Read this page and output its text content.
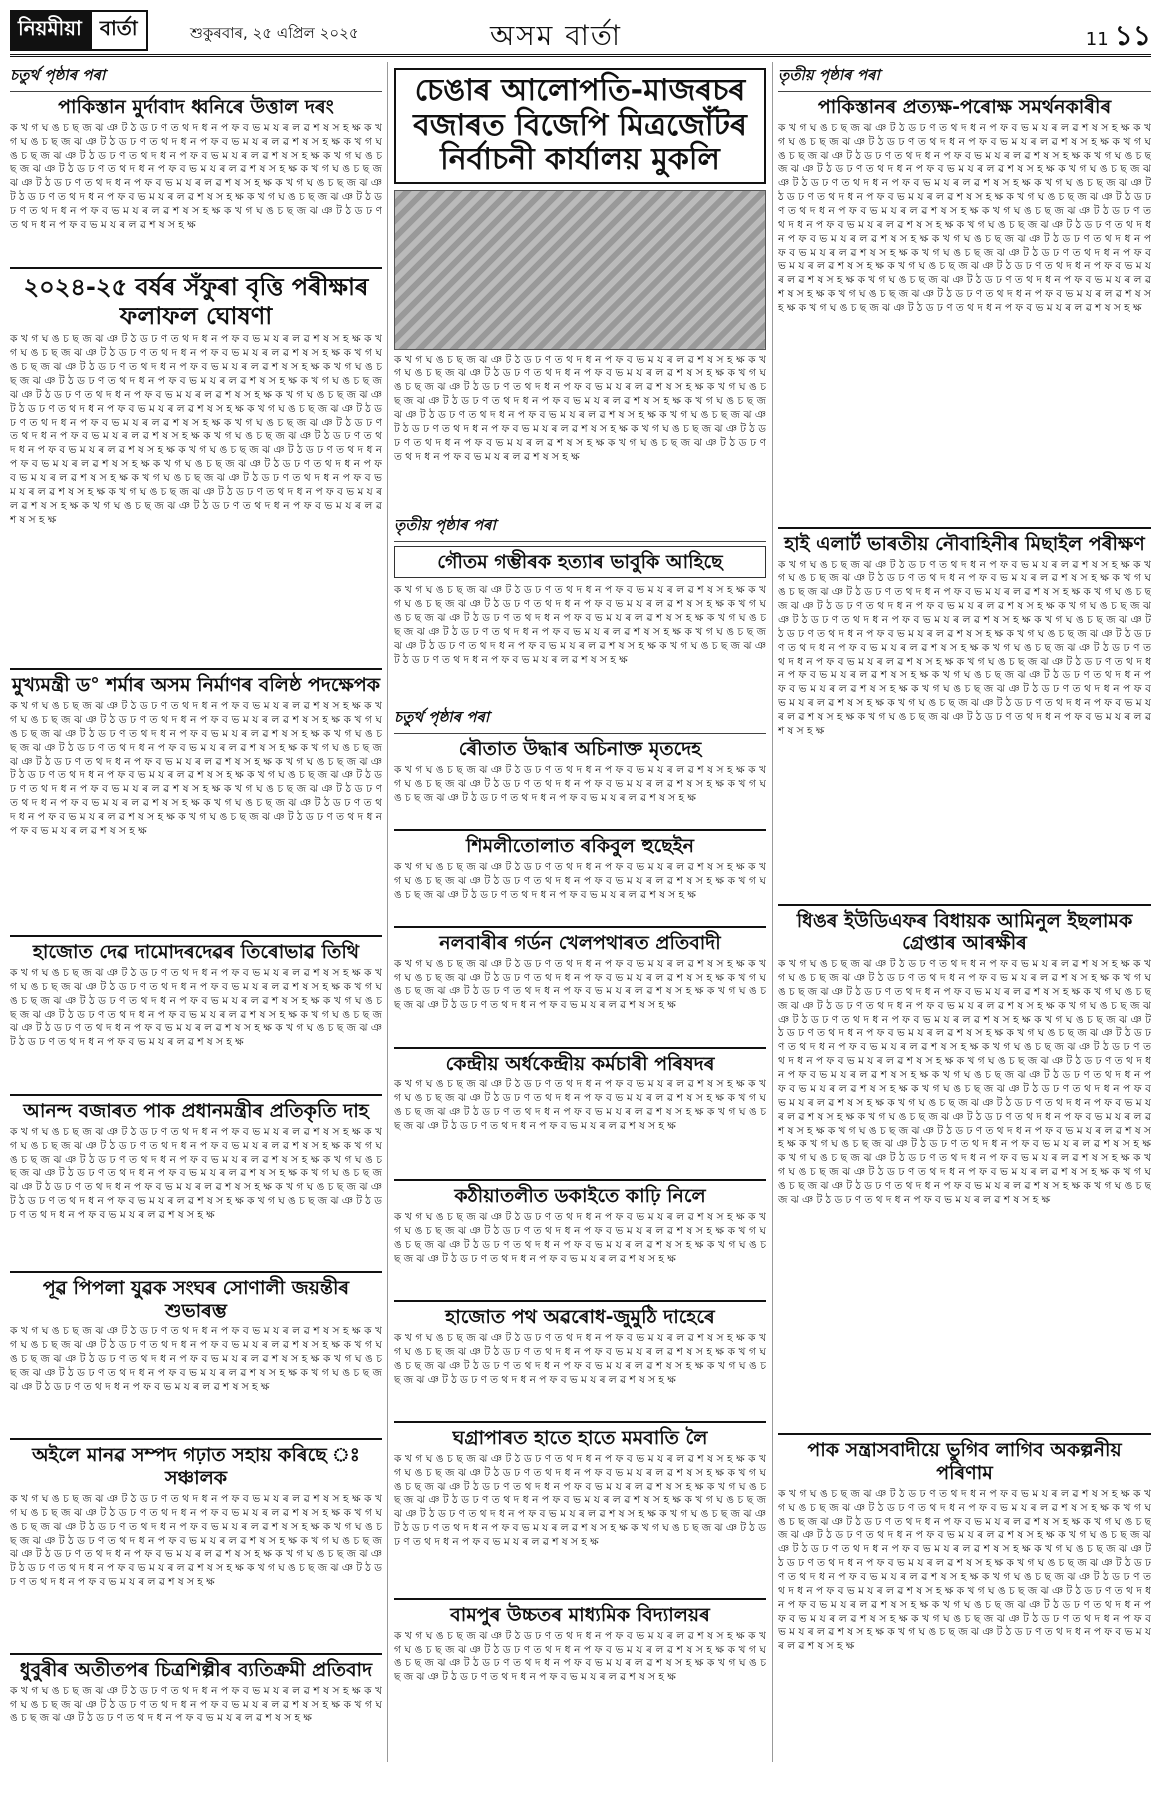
নিয়মীয়া বাৰ্তা	শুকুৰবাৰ, ২৫ এপ্ৰিল ২০২৫	অসম বাৰ্তা	11 ১১
চতুৰ্থ পৃষ্ঠাৰ পৰা
পাকিস্তান মুৰ্দাবাদ ধ্বনিৰে উত্তাল দৰং
ক খ গ ঘ ঙ চ ছ জ ঝ ঞ ট ঠ ড ঢ ণ ত থ দ ধ ন প ফ ব ভ ম য ৰ ল ৱ শ ষ স হ ক্ষ ক খ গ ঘ ঙ চ ছ জ ঝ ঞ ট ঠ ড ঢ ণ ত থ দ ধ ন প ফ ব ভ ম য ৰ ল ৱ শ ষ স হ ক্ষ ক খ গ ঘ ঙ চ ছ জ ঝ ঞ ট ঠ ড ঢ ণ ত থ দ ধ ন প ফ ব ভ ম য ৰ ল ৱ শ ষ স হ ক্ষ ক খ গ ঘ ঙ চ ছ জ ঝ ঞ ট ঠ ড ঢ ণ ত থ দ ধ ন প ফ ব ভ ম য ৰ ল ৱ শ ষ স হ ক্ষ ক খ গ ঘ ঙ চ ছ জ ঝ ঞ ট ঠ ড ঢ ণ ত থ দ ধ ন প ফ ব ভ ম য ৰ ল ৱ শ ষ স হ ক্ষ ক খ গ ঘ ঙ চ ছ জ ঝ ঞ ট ঠ ড ঢ ণ ত থ দ ধ ন প ফ ব ভ ম য ৰ ল ৱ শ ষ স হ ক্ষ ক খ গ ঘ ঙ চ ছ জ ঝ ঞ ট ঠ ড ঢ ণ ত থ দ ধ ন প ফ ব ভ ম য ৰ ল ৱ শ ষ স হ ক্ষ ক খ গ ঘ ঙ চ ছ জ ঝ ঞ ট ঠ ড ঢ ণ ত থ দ ধ ন প ফ ব ভ ম য ৰ ল ৱ শ ষ স হ ক্ষ
২০২৪-২৫ বৰ্ষৰ সঁফুৰা বৃত্তি পৰীক্ষাৰ ফলাফল ঘোষণা
ক খ গ ঘ ঙ চ ছ জ ঝ ঞ ট ঠ ড ঢ ণ ত থ দ ধ ন প ফ ব ভ ম য ৰ ল ৱ শ ষ স হ ক্ষ ক খ গ ঘ ঙ চ ছ জ ঝ ঞ ট ঠ ড ঢ ণ ত থ দ ধ ন প ফ ব ভ ম য ৰ ল ৱ শ ষ স হ ক্ষ ক খ গ ঘ ঙ চ ছ জ ঝ ঞ ট ঠ ড ঢ ণ ত থ দ ধ ন প ফ ব ভ ম য ৰ ল ৱ শ ষ স হ ক্ষ ক খ গ ঘ ঙ চ ছ জ ঝ ঞ ট ঠ ড ঢ ণ ত থ দ ধ ন প ফ ব ভ ম য ৰ ল ৱ শ ষ স হ ক্ষ ক খ গ ঘ ঙ চ ছ জ ঝ ঞ ট ঠ ড ঢ ণ ত থ দ ধ ন প ফ ব ভ ম য ৰ ল ৱ শ ষ স হ ক্ষ ক খ গ ঘ ঙ চ ছ জ ঝ ঞ ট ঠ ড ঢ ণ ত থ দ ধ ন প ফ ব ভ ম য ৰ ল ৱ শ ষ স হ ক্ষ ক খ গ ঘ ঙ চ ছ জ ঝ ঞ ট ঠ ড ঢ ণ ত থ দ ধ ন প ফ ব ভ ম য ৰ ল ৱ শ ষ স হ ক্ষ ক খ গ ঘ ঙ চ ছ জ ঝ ঞ ট ঠ ড ঢ ণ ত থ দ ধ ন প ফ ব ভ ম য ৰ ল ৱ শ ষ স হ ক্ষ ক খ গ ঘ ঙ চ ছ জ ঝ ঞ ট ঠ ড ঢ ণ ত থ দ ধ ন প ফ ব ভ ম য ৰ ল ৱ শ ষ স হ ক্ষ ক খ গ ঘ ঙ চ ছ জ ঝ ঞ ট ঠ ড ঢ ণ ত থ দ ধ ন প ফ ব ভ ম য ৰ ল ৱ শ ষ স হ ক্ষ ক খ গ ঘ ঙ চ ছ জ ঝ ঞ ট ঠ ড ঢ ণ ত থ দ ধ ন প ফ ব ভ ম য ৰ ল ৱ শ ষ স হ ক্ষ ক খ গ ঘ ঙ চ ছ জ ঝ ঞ ট ঠ ড ঢ ণ ত থ দ ধ ন প ফ ব ভ ম য ৰ ল ৱ শ ষ স হ ক্ষ ক খ গ ঘ ঙ চ ছ জ ঝ ঞ ট ঠ ড ঢ ণ ত থ দ ধ ন প ফ ব ভ ম য ৰ ল ৱ শ ষ স হ ক্ষ ক খ গ ঘ ঙ চ ছ জ ঝ ঞ ট ঠ ড ঢ ণ ত থ দ ধ ন প ফ ব ভ ম য ৰ ল ৱ শ ষ স হ ক্ষ
মুখ্যমন্ত্ৰী ড° শৰ্মাৰ অসম নিৰ্মাণৰ বলিষ্ঠ পদক্ষেপক
ক খ গ ঘ ঙ চ ছ জ ঝ ঞ ট ঠ ড ঢ ণ ত থ দ ধ ন প ফ ব ভ ম য ৰ ল ৱ শ ষ স হ ক্ষ ক খ গ ঘ ঙ চ ছ জ ঝ ঞ ট ঠ ড ঢ ণ ত থ দ ধ ন প ফ ব ভ ম য ৰ ল ৱ শ ষ স হ ক্ষ ক খ গ ঘ ঙ চ ছ জ ঝ ঞ ট ঠ ড ঢ ণ ত থ দ ধ ন প ফ ব ভ ম য ৰ ল ৱ শ ষ স হ ক্ষ ক খ গ ঘ ঙ চ ছ জ ঝ ঞ ট ঠ ড ঢ ণ ত থ দ ধ ন প ফ ব ভ ম য ৰ ল ৱ শ ষ স হ ক্ষ ক খ গ ঘ ঙ চ ছ জ ঝ ঞ ট ঠ ড ঢ ণ ত থ দ ধ ন প ফ ব ভ ম য ৰ ল ৱ শ ষ স হ ক্ষ ক খ গ ঘ ঙ চ ছ জ ঝ ঞ ট ঠ ড ঢ ণ ত থ দ ধ ন প ফ ব ভ ম য ৰ ল ৱ শ ষ স হ ক্ষ ক খ গ ঘ ঙ চ ছ জ ঝ ঞ ট ঠ ড ঢ ণ ত থ দ ধ ন প ফ ব ভ ম য ৰ ল ৱ শ ষ স হ ক্ষ ক খ গ ঘ ঙ চ ছ জ ঝ ঞ ট ঠ ড ঢ ণ ত থ দ ধ ন প ফ ব ভ ম য ৰ ল ৱ শ ষ স হ ক্ষ ক খ গ ঘ ঙ চ ছ জ ঝ ঞ ট ঠ ড ঢ ণ ত থ দ ধ ন প ফ ব ভ ম য ৰ ল ৱ শ ষ স হ ক্ষ ক খ গ ঘ ঙ চ ছ জ ঝ ঞ ট ঠ ড ঢ ণ ত থ দ ধ ন প ফ ব ভ ম য ৰ ল ৱ শ ষ স হ ক্ষ
হাজোত দেৱ দামোদৰদেৱৰ তিৰোভাৱ তিথি
ক খ গ ঘ ঙ চ ছ জ ঝ ঞ ট ঠ ড ঢ ণ ত থ দ ধ ন প ফ ব ভ ম য ৰ ল ৱ শ ষ স হ ক্ষ ক খ গ ঘ ঙ চ ছ জ ঝ ঞ ট ঠ ড ঢ ণ ত থ দ ধ ন প ফ ব ভ ম য ৰ ল ৱ শ ষ স হ ক্ষ ক খ গ ঘ ঙ চ ছ জ ঝ ঞ ট ঠ ড ঢ ণ ত থ দ ধ ন প ফ ব ভ ম য ৰ ল ৱ শ ষ স হ ক্ষ ক খ গ ঘ ঙ চ ছ জ ঝ ঞ ট ঠ ড ঢ ণ ত থ দ ধ ন প ফ ব ভ ম য ৰ ল ৱ শ ষ স হ ক্ষ ক খ গ ঘ ঙ চ ছ জ ঝ ঞ ট ঠ ড ঢ ণ ত থ দ ধ ন প ফ ব ভ ম য ৰ ল ৱ শ ষ স হ ক্ষ ক খ গ ঘ ঙ চ ছ জ ঝ ঞ ট ঠ ড ঢ ণ ত থ দ ধ ন প ফ ব ভ ম য ৰ ল ৱ শ ষ স হ ক্ষ
আনন্দ বজাৰত পাক প্ৰধানমন্ত্ৰীৰ প্ৰতিকৃতি দাহ
ক খ গ ঘ ঙ চ ছ জ ঝ ঞ ট ঠ ড ঢ ণ ত থ দ ধ ন প ফ ব ভ ম য ৰ ল ৱ শ ষ স হ ক্ষ ক খ গ ঘ ঙ চ ছ জ ঝ ঞ ট ঠ ড ঢ ণ ত থ দ ধ ন প ফ ব ভ ম য ৰ ল ৱ শ ষ স হ ক্ষ ক খ গ ঘ ঙ চ ছ জ ঝ ঞ ট ঠ ড ঢ ণ ত থ দ ধ ন প ফ ব ভ ম য ৰ ল ৱ শ ষ স হ ক্ষ ক খ গ ঘ ঙ চ ছ জ ঝ ঞ ট ঠ ড ঢ ণ ত থ দ ধ ন প ফ ব ভ ম য ৰ ল ৱ শ ষ স হ ক্ষ ক খ গ ঘ ঙ চ ছ জ ঝ ঞ ট ঠ ড ঢ ণ ত থ দ ধ ন প ফ ব ভ ম য ৰ ল ৱ শ ষ স হ ক্ষ ক খ গ ঘ ঙ চ ছ জ ঝ ঞ ট ঠ ড ঢ ণ ত থ দ ধ ন প ফ ব ভ ম য ৰ ল ৱ শ ষ স হ ক্ষ ক খ গ ঘ ঙ চ ছ জ ঝ ঞ ট ঠ ড ঢ ণ ত থ দ ধ ন প ফ ব ভ ম য ৰ ল ৱ শ ষ স হ ক্ষ
পূৱ পিপলা যুৱক সংঘৰ সোণালী জয়ন্তীৰ শুভাৰম্ভ
ক খ গ ঘ ঙ চ ছ জ ঝ ঞ ট ঠ ড ঢ ণ ত থ দ ধ ন প ফ ব ভ ম য ৰ ল ৱ শ ষ স হ ক্ষ ক খ গ ঘ ঙ চ ছ জ ঝ ঞ ট ঠ ড ঢ ণ ত থ দ ধ ন প ফ ব ভ ম য ৰ ল ৱ শ ষ স হ ক্ষ ক খ গ ঘ ঙ চ ছ জ ঝ ঞ ট ঠ ড ঢ ণ ত থ দ ধ ন প ফ ব ভ ম য ৰ ল ৱ শ ষ স হ ক্ষ ক খ গ ঘ ঙ চ ছ জ ঝ ঞ ট ঠ ড ঢ ণ ত থ দ ধ ন প ফ ব ভ ম য ৰ ল ৱ শ ষ স হ ক্ষ ক খ গ ঘ ঙ চ ছ জ ঝ ঞ ট ঠ ড ঢ ণ ত থ দ ধ ন প ফ ব ভ ম য ৰ ল ৱ শ ষ স হ ক্ষ
অইলে মানৱ সম্পদ গঢ়াত সহায় কৰিছে ঃ সঞ্চালক
ক খ গ ঘ ঙ চ ছ জ ঝ ঞ ট ঠ ড ঢ ণ ত থ দ ধ ন প ফ ব ভ ম য ৰ ল ৱ শ ষ স হ ক্ষ ক খ গ ঘ ঙ চ ছ জ ঝ ঞ ট ঠ ড ঢ ণ ত থ দ ধ ন প ফ ব ভ ম য ৰ ল ৱ শ ষ স হ ক্ষ ক খ গ ঘ ঙ চ ছ জ ঝ ঞ ট ঠ ড ঢ ণ ত থ দ ধ ন প ফ ব ভ ম য ৰ ল ৱ শ ষ স হ ক্ষ ক খ গ ঘ ঙ চ ছ জ ঝ ঞ ট ঠ ড ঢ ণ ত থ দ ধ ন প ফ ব ভ ম য ৰ ল ৱ শ ষ স হ ক্ষ ক খ গ ঘ ঙ চ ছ জ ঝ ঞ ট ঠ ড ঢ ণ ত থ দ ধ ন প ফ ব ভ ম য ৰ ল ৱ শ ষ স হ ক্ষ ক খ গ ঘ ঙ চ ছ জ ঝ ঞ ট ঠ ড ঢ ণ ত থ দ ধ ন প ফ ব ভ ম য ৰ ল ৱ শ ষ স হ ক্ষ ক খ গ ঘ ঙ চ ছ জ ঝ ঞ ট ঠ ড ঢ ণ ত থ দ ধ ন প ফ ব ভ ম য ৰ ল ৱ শ ষ স হ ক্ষ
ধুবুৰীৰ অতীতপৰ চিত্ৰশিল্পীৰ ব্যতিক্ৰমী প্ৰতিবাদ
ক খ গ ঘ ঙ চ ছ জ ঝ ঞ ট ঠ ড ঢ ণ ত থ দ ধ ন প ফ ব ভ ম য ৰ ল ৱ শ ষ স হ ক্ষ ক খ গ ঘ ঙ চ ছ জ ঝ ঞ ট ঠ ড ঢ ণ ত থ দ ধ ন প ফ ব ভ ম য ৰ ল ৱ শ ষ স হ ক্ষ ক খ গ ঘ ঙ চ ছ জ ঝ ঞ ট ঠ ড ঢ ণ ত থ দ ধ ন প ফ ব ভ ম য ৰ ল ৱ শ ষ স হ ক্ষ
চেঙাৰ আলোপতি-মাজৰচৰ বজাৰত বিজেপি মিত্ৰজোঁটৰ নিৰ্বাচনী কাৰ্যালয় মুকলি
ক খ গ ঘ ঙ চ ছ জ ঝ ঞ ট ঠ ড ঢ ণ ত থ দ ধ ন প ফ ব ভ ম য ৰ ল ৱ শ ষ স হ ক্ষ ক খ গ ঘ ঙ চ ছ জ ঝ ঞ ট ঠ ড ঢ ণ ত থ দ ধ ন প ফ ব ভ ম য ৰ ল ৱ শ ষ স হ ক্ষ ক খ গ ঘ ঙ চ ছ জ ঝ ঞ ট ঠ ড ঢ ণ ত থ দ ধ ন প ফ ব ভ ম য ৰ ল ৱ শ ষ স হ ক্ষ ক খ গ ঘ ঙ চ ছ জ ঝ ঞ ট ঠ ড ঢ ণ ত থ দ ধ ন প ফ ব ভ ম য ৰ ল ৱ শ ষ স হ ক্ষ ক খ গ ঘ ঙ চ ছ জ ঝ ঞ ট ঠ ড ঢ ণ ত থ দ ধ ন প ফ ব ভ ম য ৰ ল ৱ শ ষ স হ ক্ষ ক খ গ ঘ ঙ চ ছ জ ঝ ঞ ট ঠ ড ঢ ণ ত থ দ ধ ন প ফ ব ভ ম য ৰ ল ৱ শ ষ স হ ক্ষ ক খ গ ঘ ঙ চ ছ জ ঝ ঞ ট ঠ ড ঢ ণ ত থ দ ধ ন প ফ ব ভ ম য ৰ ল ৱ শ ষ স হ ক্ষ ক খ গ ঘ ঙ চ ছ জ ঝ ঞ ট ঠ ড ঢ ণ ত থ দ ধ ন প ফ ব ভ ম য ৰ ল ৱ শ ষ স হ ক্ষ
তৃতীয় পৃষ্ঠাৰ পৰা
গৌতম গম্ভীৰক হত্যাৰ ভাবুকি আহিছে
ক খ গ ঘ ঙ চ ছ জ ঝ ঞ ট ঠ ড ঢ ণ ত থ দ ধ ন প ফ ব ভ ম য ৰ ল ৱ শ ষ স হ ক্ষ ক খ গ ঘ ঙ চ ছ জ ঝ ঞ ট ঠ ড ঢ ণ ত থ দ ধ ন প ফ ব ভ ম য ৰ ল ৱ শ ষ স হ ক্ষ ক খ গ ঘ ঙ চ ছ জ ঝ ঞ ট ঠ ড ঢ ণ ত থ দ ধ ন প ফ ব ভ ম য ৰ ল ৱ শ ষ স হ ক্ষ ক খ গ ঘ ঙ চ ছ জ ঝ ঞ ট ঠ ড ঢ ণ ত থ দ ধ ন প ফ ব ভ ম য ৰ ল ৱ শ ষ স হ ক্ষ ক খ গ ঘ ঙ চ ছ জ ঝ ঞ ট ঠ ড ঢ ণ ত থ দ ধ ন প ফ ব ভ ম য ৰ ল ৱ শ ষ স হ ক্ষ ক খ গ ঘ ঙ চ ছ জ ঝ ঞ ট ঠ ড ঢ ণ ত থ দ ধ ন প ফ ব ভ ম য ৰ ল ৱ শ ষ স হ ক্ষ
চতুৰ্থ পৃষ্ঠাৰ পৰা
ৰৌতাত উদ্ধাৰ অচিনাক্ত মৃতদেহ
ক খ গ ঘ ঙ চ ছ জ ঝ ঞ ট ঠ ড ঢ ণ ত থ দ ধ ন প ফ ব ভ ম য ৰ ল ৱ শ ষ স হ ক্ষ ক খ গ ঘ ঙ চ ছ জ ঝ ঞ ট ঠ ড ঢ ণ ত থ দ ধ ন প ফ ব ভ ম য ৰ ল ৱ শ ষ স হ ক্ষ ক খ গ ঘ ঙ চ ছ জ ঝ ঞ ট ঠ ড ঢ ণ ত থ দ ধ ন প ফ ব ভ ম য ৰ ল ৱ শ ষ স হ ক্ষ
শিমলীতোলাত ৰকিবুল হুছেইন
ক খ গ ঘ ঙ চ ছ জ ঝ ঞ ট ঠ ড ঢ ণ ত থ দ ধ ন প ফ ব ভ ম য ৰ ল ৱ শ ষ স হ ক্ষ ক খ গ ঘ ঙ চ ছ জ ঝ ঞ ট ঠ ড ঢ ণ ত থ দ ধ ন প ফ ব ভ ম য ৰ ল ৱ শ ষ স হ ক্ষ ক খ গ ঘ ঙ চ ছ জ ঝ ঞ ট ঠ ড ঢ ণ ত থ দ ধ ন প ফ ব ভ ম য ৰ ল ৱ শ ষ স হ ক্ষ
নলবাৰীৰ গৰ্ডন খেলপথাৰত প্ৰতিবাদী
ক খ গ ঘ ঙ চ ছ জ ঝ ঞ ট ঠ ড ঢ ণ ত থ দ ধ ন প ফ ব ভ ম য ৰ ল ৱ শ ষ স হ ক্ষ ক খ গ ঘ ঙ চ ছ জ ঝ ঞ ট ঠ ড ঢ ণ ত থ দ ধ ন প ফ ব ভ ম য ৰ ল ৱ শ ষ স হ ক্ষ ক খ গ ঘ ঙ চ ছ জ ঝ ঞ ট ঠ ড ঢ ণ ত থ দ ধ ন প ফ ব ভ ম য ৰ ল ৱ শ ষ স হ ক্ষ ক খ গ ঘ ঙ চ ছ জ ঝ ঞ ট ঠ ড ঢ ণ ত থ দ ধ ন প ফ ব ভ ম য ৰ ল ৱ শ ষ স হ ক্ষ
কেন্দ্ৰীয় অৰ্ধকেন্দ্ৰীয় কৰ্মচাৰী পৰিষদৰ
ক খ গ ঘ ঙ চ ছ জ ঝ ঞ ট ঠ ড ঢ ণ ত থ দ ধ ন প ফ ব ভ ম য ৰ ল ৱ শ ষ স হ ক্ষ ক খ গ ঘ ঙ চ ছ জ ঝ ঞ ট ঠ ড ঢ ণ ত থ দ ধ ন প ফ ব ভ ম য ৰ ল ৱ শ ষ স হ ক্ষ ক খ গ ঘ ঙ চ ছ জ ঝ ঞ ট ঠ ড ঢ ণ ত থ দ ধ ন প ফ ব ভ ম য ৰ ল ৱ শ ষ স হ ক্ষ ক খ গ ঘ ঙ চ ছ জ ঝ ঞ ট ঠ ড ঢ ণ ত থ দ ধ ন প ফ ব ভ ম য ৰ ল ৱ শ ষ স হ ক্ষ
কঠীয়াতলীত ডকাইতে কাঢ়ি নিলে
ক খ গ ঘ ঙ চ ছ জ ঝ ঞ ট ঠ ড ঢ ণ ত থ দ ধ ন প ফ ব ভ ম য ৰ ল ৱ শ ষ স হ ক্ষ ক খ গ ঘ ঙ চ ছ জ ঝ ঞ ট ঠ ড ঢ ণ ত থ দ ধ ন প ফ ব ভ ম য ৰ ল ৱ শ ষ স হ ক্ষ ক খ গ ঘ ঙ চ ছ জ ঝ ঞ ট ঠ ড ঢ ণ ত থ দ ধ ন প ফ ব ভ ম য ৰ ল ৱ শ ষ স হ ক্ষ ক খ গ ঘ ঙ চ ছ জ ঝ ঞ ট ঠ ড ঢ ণ ত থ দ ধ ন প ফ ব ভ ম য ৰ ল ৱ শ ষ স হ ক্ষ
হাজোত পথ অৱৰোধ-জুমুঠি দাহেৰে
ক খ গ ঘ ঙ চ ছ জ ঝ ঞ ট ঠ ড ঢ ণ ত থ দ ধ ন প ফ ব ভ ম য ৰ ল ৱ শ ষ স হ ক্ষ ক খ গ ঘ ঙ চ ছ জ ঝ ঞ ট ঠ ড ঢ ণ ত থ দ ধ ন প ফ ব ভ ম য ৰ ল ৱ শ ষ স হ ক্ষ ক খ গ ঘ ঙ চ ছ জ ঝ ঞ ট ঠ ড ঢ ণ ত থ দ ধ ন প ফ ব ভ ম য ৰ ল ৱ শ ষ স হ ক্ষ ক খ গ ঘ ঙ চ ছ জ ঝ ঞ ট ঠ ড ঢ ণ ত থ দ ধ ন প ফ ব ভ ম য ৰ ল ৱ শ ষ স হ ক্ষ
ঘগ্ৰাপাৰত হাতে হাতে মমবাতি লৈ
ক খ গ ঘ ঙ চ ছ জ ঝ ঞ ট ঠ ড ঢ ণ ত থ দ ধ ন প ফ ব ভ ম য ৰ ল ৱ শ ষ স হ ক্ষ ক খ গ ঘ ঙ চ ছ জ ঝ ঞ ট ঠ ড ঢ ণ ত থ দ ধ ন প ফ ব ভ ম য ৰ ল ৱ শ ষ স হ ক্ষ ক খ গ ঘ ঙ চ ছ জ ঝ ঞ ট ঠ ড ঢ ণ ত থ দ ধ ন প ফ ব ভ ম য ৰ ল ৱ শ ষ স হ ক্ষ ক খ গ ঘ ঙ চ ছ জ ঝ ঞ ট ঠ ড ঢ ণ ত থ দ ধ ন প ফ ব ভ ম য ৰ ল ৱ শ ষ স হ ক্ষ ক খ গ ঘ ঙ চ ছ জ ঝ ঞ ট ঠ ড ঢ ণ ত থ দ ধ ন প ফ ব ভ ম য ৰ ল ৱ শ ষ স হ ক্ষ ক খ গ ঘ ঙ চ ছ জ ঝ ঞ ট ঠ ড ঢ ণ ত থ দ ধ ন প ফ ব ভ ম য ৰ ল ৱ শ ষ স হ ক্ষ ক খ গ ঘ ঙ চ ছ জ ঝ ঞ ট ঠ ড ঢ ণ ত থ দ ধ ন প ফ ব ভ ম য ৰ ল ৱ শ ষ স হ ক্ষ
বামপুৰ উচ্চতৰ মাধ্যমিক বিদ্যালয়ৰ
ক খ গ ঘ ঙ চ ছ জ ঝ ঞ ট ঠ ড ঢ ণ ত থ দ ধ ন প ফ ব ভ ম য ৰ ল ৱ শ ষ স হ ক্ষ ক খ গ ঘ ঙ চ ছ জ ঝ ঞ ট ঠ ড ঢ ণ ত থ দ ধ ন প ফ ব ভ ম য ৰ ল ৱ শ ষ স হ ক্ষ ক খ গ ঘ ঙ চ ছ জ ঝ ঞ ট ঠ ড ঢ ণ ত থ দ ধ ন প ফ ব ভ ম য ৰ ল ৱ শ ষ স হ ক্ষ ক খ গ ঘ ঙ চ ছ জ ঝ ঞ ট ঠ ড ঢ ণ ত থ দ ধ ন প ফ ব ভ ম য ৰ ল ৱ শ ষ স হ ক্ষ
তৃতীয় পৃষ্ঠাৰ পৰা
পাকিস্তানৰ প্ৰত্যক্ষ-পৰোক্ষ সমৰ্থনকাৰীৰ
ক খ গ ঘ ঙ চ ছ জ ঝ ঞ ট ঠ ড ঢ ণ ত থ দ ধ ন প ফ ব ভ ম য ৰ ল ৱ শ ষ স হ ক্ষ ক খ গ ঘ ঙ চ ছ জ ঝ ঞ ট ঠ ড ঢ ণ ত থ দ ধ ন প ফ ব ভ ম য ৰ ল ৱ শ ষ স হ ক্ষ ক খ গ ঘ ঙ চ ছ জ ঝ ঞ ট ঠ ড ঢ ণ ত থ দ ধ ন প ফ ব ভ ম য ৰ ল ৱ শ ষ স হ ক্ষ ক খ গ ঘ ঙ চ ছ জ ঝ ঞ ট ঠ ড ঢ ণ ত থ দ ধ ন প ফ ব ভ ম য ৰ ল ৱ শ ষ স হ ক্ষ ক খ গ ঘ ঙ চ ছ জ ঝ ঞ ট ঠ ড ঢ ণ ত থ দ ধ ন প ফ ব ভ ম য ৰ ল ৱ শ ষ স হ ক্ষ ক খ গ ঘ ঙ চ ছ জ ঝ ঞ ট ঠ ড ঢ ণ ত থ দ ধ ন প ফ ব ভ ম য ৰ ল ৱ শ ষ স হ ক্ষ ক খ গ ঘ ঙ চ ছ জ ঝ ঞ ট ঠ ড ঢ ণ ত থ দ ধ ন প ফ ব ভ ম য ৰ ল ৱ শ ষ স হ ক্ষ ক খ গ ঘ ঙ চ ছ জ ঝ ঞ ট ঠ ড ঢ ণ ত থ দ ধ ন প ফ ব ভ ম য ৰ ল ৱ শ ষ স হ ক্ষ ক খ গ ঘ ঙ চ ছ জ ঝ ঞ ট ঠ ড ঢ ণ ত থ দ ধ ন প ফ ব ভ ম য ৰ ল ৱ শ ষ স হ ক্ষ ক খ গ ঘ ঙ চ ছ জ ঝ ঞ ট ঠ ড ঢ ণ ত থ দ ধ ন প ফ ব ভ ম য ৰ ল ৱ শ ষ স হ ক্ষ ক খ গ ঘ ঙ চ ছ জ ঝ ঞ ট ঠ ড ঢ ণ ত থ দ ধ ন প ফ ব ভ ম য ৰ ল ৱ শ ষ স হ ক্ষ ক খ গ ঘ ঙ চ ছ জ ঝ ঞ ট ঠ ড ঢ ণ ত থ দ ধ ন প ফ ব ভ ম য ৰ ল ৱ শ ষ স হ ক্ষ ক খ গ ঘ ঙ চ ছ জ ঝ ঞ ট ঠ ড ঢ ণ ত থ দ ধ ন প ফ ব ভ ম য ৰ ল ৱ শ ষ স হ ক্ষ ক খ গ ঘ ঙ চ ছ জ ঝ ঞ ট ঠ ড ঢ ণ ত থ দ ধ ন প ফ ব ভ ম য ৰ ল ৱ শ ষ স হ ক্ষ ক খ গ ঘ ঙ চ ছ জ ঝ ঞ ট ঠ ড ঢ ণ ত থ দ ধ ন প ফ ব ভ ম য ৰ ল ৱ শ ষ স হ ক্ষ
হাই এলাৰ্ট ভাৰতীয় নৌবাহিনীৰ মিছাইল পৰীক্ষণ
ক খ গ ঘ ঙ চ ছ জ ঝ ঞ ট ঠ ড ঢ ণ ত থ দ ধ ন প ফ ব ভ ম য ৰ ল ৱ শ ষ স হ ক্ষ ক খ গ ঘ ঙ চ ছ জ ঝ ঞ ট ঠ ড ঢ ণ ত থ দ ধ ন প ফ ব ভ ম য ৰ ল ৱ শ ষ স হ ক্ষ ক খ গ ঘ ঙ চ ছ জ ঝ ঞ ট ঠ ড ঢ ণ ত থ দ ধ ন প ফ ব ভ ম য ৰ ল ৱ শ ষ স হ ক্ষ ক খ গ ঘ ঙ চ ছ জ ঝ ঞ ট ঠ ড ঢ ণ ত থ দ ধ ন প ফ ব ভ ম য ৰ ল ৱ শ ষ স হ ক্ষ ক খ গ ঘ ঙ চ ছ জ ঝ ঞ ট ঠ ড ঢ ণ ত থ দ ধ ন প ফ ব ভ ম য ৰ ল ৱ শ ষ স হ ক্ষ ক খ গ ঘ ঙ চ ছ জ ঝ ঞ ট ঠ ড ঢ ণ ত থ দ ধ ন প ফ ব ভ ম য ৰ ল ৱ শ ষ স হ ক্ষ ক খ গ ঘ ঙ চ ছ জ ঝ ঞ ট ঠ ড ঢ ণ ত থ দ ধ ন প ফ ব ভ ম য ৰ ল ৱ শ ষ স হ ক্ষ ক খ গ ঘ ঙ চ ছ জ ঝ ঞ ট ঠ ড ঢ ণ ত থ দ ধ ন প ফ ব ভ ম য ৰ ল ৱ শ ষ স হ ক্ষ ক খ গ ঘ ঙ চ ছ জ ঝ ঞ ট ঠ ড ঢ ণ ত থ দ ধ ন প ফ ব ভ ম য ৰ ল ৱ শ ষ স হ ক্ষ ক খ গ ঘ ঙ চ ছ জ ঝ ঞ ট ঠ ড ঢ ণ ত থ দ ধ ন প ফ ব ভ ম য ৰ ল ৱ শ ষ স হ ক্ষ ক খ গ ঘ ঙ চ ছ জ ঝ ঞ ট ঠ ড ঢ ণ ত থ দ ধ ন প ফ ব ভ ম য ৰ ল ৱ শ ষ স হ ক্ষ ক খ গ ঘ ঙ চ ছ জ ঝ ঞ ট ঠ ড ঢ ণ ত থ দ ধ ন প ফ ব ভ ম য ৰ ল ৱ শ ষ স হ ক্ষ ক খ গ ঘ ঙ চ ছ জ ঝ ঞ ট ঠ ড ঢ ণ ত থ দ ধ ন প ফ ব ভ ম য ৰ ল ৱ শ ষ স হ ক্ষ
ধিঙৰ ইউডিএফৰ বিধায়ক আমিনুল ইছলামক গ্ৰেপ্তাৰ আৰক্ষীৰ
ক খ গ ঘ ঙ চ ছ জ ঝ ঞ ট ঠ ড ঢ ণ ত থ দ ধ ন প ফ ব ভ ম য ৰ ল ৱ শ ষ স হ ক্ষ ক খ গ ঘ ঙ চ ছ জ ঝ ঞ ট ঠ ড ঢ ণ ত থ দ ধ ন প ফ ব ভ ম য ৰ ল ৱ শ ষ স হ ক্ষ ক খ গ ঘ ঙ চ ছ জ ঝ ঞ ট ঠ ড ঢ ণ ত থ দ ধ ন প ফ ব ভ ম য ৰ ল ৱ শ ষ স হ ক্ষ ক খ গ ঘ ঙ চ ছ জ ঝ ঞ ট ঠ ড ঢ ণ ত থ দ ধ ন প ফ ব ভ ম য ৰ ল ৱ শ ষ স হ ক্ষ ক খ গ ঘ ঙ চ ছ জ ঝ ঞ ট ঠ ড ঢ ণ ত থ দ ধ ন প ফ ব ভ ম য ৰ ল ৱ শ ষ স হ ক্ষ ক খ গ ঘ ঙ চ ছ জ ঝ ঞ ট ঠ ড ঢ ণ ত থ দ ধ ন প ফ ব ভ ম য ৰ ল ৱ শ ষ স হ ক্ষ ক খ গ ঘ ঙ চ ছ জ ঝ ঞ ট ঠ ড ঢ ণ ত থ দ ধ ন প ফ ব ভ ম য ৰ ল ৱ শ ষ স হ ক্ষ ক খ গ ঘ ঙ চ ছ জ ঝ ঞ ট ঠ ড ঢ ণ ত থ দ ধ ন প ফ ব ভ ম য ৰ ল ৱ শ ষ স হ ক্ষ ক খ গ ঘ ঙ চ ছ জ ঝ ঞ ট ঠ ড ঢ ণ ত থ দ ধ ন প ফ ব ভ ম য ৰ ল ৱ শ ষ স হ ক্ষ ক খ গ ঘ ঙ চ ছ জ ঝ ঞ ট ঠ ড ঢ ণ ত থ দ ধ ন প ফ ব ভ ম য ৰ ল ৱ শ ষ স হ ক্ষ ক খ গ ঘ ঙ চ ছ জ ঝ ঞ ট ঠ ড ঢ ণ ত থ দ ধ ন প ফ ব ভ ম য ৰ ল ৱ শ ষ স হ ক্ষ ক খ গ ঘ ঙ চ ছ জ ঝ ঞ ট ঠ ড ঢ ণ ত থ দ ধ ন প ফ ব ভ ম য ৰ ল ৱ শ ষ স হ ক্ষ ক খ গ ঘ ঙ চ ছ জ ঝ ঞ ট ঠ ড ঢ ণ ত থ দ ধ ন প ফ ব ভ ম য ৰ ল ৱ শ ষ স হ ক্ষ ক খ গ ঘ ঙ চ ছ জ ঝ ঞ ট ঠ ড ঢ ণ ত থ দ ধ ন প ফ ব ভ ম য ৰ ল ৱ শ ষ স হ ক্ষ ক খ গ ঘ ঙ চ ছ জ ঝ ঞ ট ঠ ড ঢ ণ ত থ দ ধ ন প ফ ব ভ ম য ৰ ল ৱ শ ষ স হ ক্ষ ক খ গ ঘ ঙ চ ছ জ ঝ ঞ ট ঠ ড ঢ ণ ত থ দ ধ ন প ফ ব ভ ম য ৰ ল ৱ শ ষ স হ ক্ষ ক খ গ ঘ ঙ চ ছ জ ঝ ঞ ট ঠ ড ঢ ণ ত থ দ ধ ন প ফ ব ভ ম য ৰ ল ৱ শ ষ স হ ক্ষ ক খ গ ঘ ঙ চ ছ জ ঝ ঞ ট ঠ ড ঢ ণ ত থ দ ধ ন প ফ ব ভ ম য ৰ ল ৱ শ ষ স হ ক্ষ ক খ গ ঘ ঙ চ ছ জ ঝ ঞ ট ঠ ড ঢ ণ ত থ দ ধ ন প ফ ব ভ ম য ৰ ল ৱ শ ষ স হ ক্ষ
পাক সন্ত্ৰাসবাদীয়ে ভুগিব লাগিব অকল্পনীয় পৰিণাম
ক খ গ ঘ ঙ চ ছ জ ঝ ঞ ট ঠ ড ঢ ণ ত থ দ ধ ন প ফ ব ভ ম য ৰ ল ৱ শ ষ স হ ক্ষ ক খ গ ঘ ঙ চ ছ জ ঝ ঞ ট ঠ ড ঢ ণ ত থ দ ধ ন প ফ ব ভ ম য ৰ ল ৱ শ ষ স হ ক্ষ ক খ গ ঘ ঙ চ ছ জ ঝ ঞ ট ঠ ড ঢ ণ ত থ দ ধ ন প ফ ব ভ ম য ৰ ল ৱ শ ষ স হ ক্ষ ক খ গ ঘ ঙ চ ছ জ ঝ ঞ ট ঠ ড ঢ ণ ত থ দ ধ ন প ফ ব ভ ম য ৰ ল ৱ শ ষ স হ ক্ষ ক খ গ ঘ ঙ চ ছ জ ঝ ঞ ট ঠ ড ঢ ণ ত থ দ ধ ন প ফ ব ভ ম য ৰ ল ৱ শ ষ স হ ক্ষ ক খ গ ঘ ঙ চ ছ জ ঝ ঞ ট ঠ ড ঢ ণ ত থ দ ধ ন প ফ ব ভ ম য ৰ ল ৱ শ ষ স হ ক্ষ ক খ গ ঘ ঙ চ ছ জ ঝ ঞ ট ঠ ড ঢ ণ ত থ দ ধ ন প ফ ব ভ ম য ৰ ল ৱ শ ষ স হ ক্ষ ক খ গ ঘ ঙ চ ছ জ ঝ ঞ ট ঠ ড ঢ ণ ত থ দ ধ ন প ফ ব ভ ম য ৰ ল ৱ শ ষ স হ ক্ষ ক খ গ ঘ ঙ চ ছ জ ঝ ঞ ট ঠ ড ঢ ণ ত থ দ ধ ন প ফ ব ভ ম য ৰ ল ৱ শ ষ স হ ক্ষ ক খ গ ঘ ঙ চ ছ জ ঝ ঞ ট ঠ ড ঢ ণ ত থ দ ধ ন প ফ ব ভ ম য ৰ ল ৱ শ ষ স হ ক্ষ ক খ গ ঘ ঙ চ ছ জ ঝ ঞ ট ঠ ড ঢ ণ ত থ দ ধ ন প ফ ব ভ ম য ৰ ল ৱ শ ষ স হ ক্ষ ক খ গ ঘ ঙ চ ছ জ ঝ ঞ ট ঠ ড ঢ ণ ত থ দ ধ ন প ফ ব ভ ম য ৰ ল ৱ শ ষ স হ ক্ষ
